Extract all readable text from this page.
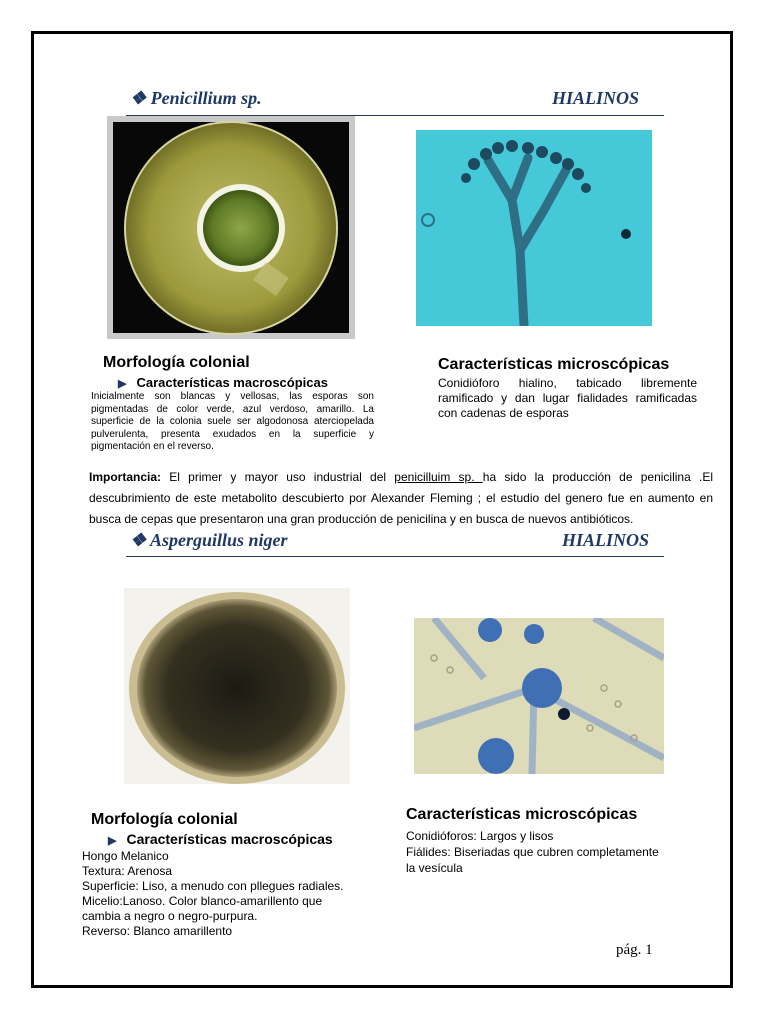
❖ Penicillium sp.	HIALINOS
Morfología colonial
▶ Características macroscópicas
Inicialmente son blancas y vellosas, las esporas son pigmentadas de color verde, azul verdoso, amarillo. La superficie de la colonia suele ser algodonosa aterciopelada pulverulenta, presenta exudados en la superficie y pigmentación en el reverso.
Características microscópicas
Conidióforo hialino, tabicado libremente ramificado y dan lugar fialidades ramificadas con cadenas de esporas
Importancia: El primer y mayor uso industrial del penicilluim sp. ha sido la producción de penicilina .El descubrimiento de este metabolito descubierto por Alexander Fleming ; el estudio del genero fue en aumento en busca de cepas que presentaron una gran producción de penicilina y en busca de nuevos antibióticos.
❖ Asperguillus niger	HIALINOS
Morfología colonial
▶ Características macroscópicas
Hongo Melanico
Textura: Arenosa
Superficie: Liso, a menudo con pllegues radiales.
Micelio:Lanoso. Color blanco-amarillento que
cambia a negro o negro-purpura.
Reverso: Blanco amarillento
Características microscópicas
Conidióforos: Largos y lisos
Fiálides: Biseriadas que cubren completamente
la vesícula
pág. 1
